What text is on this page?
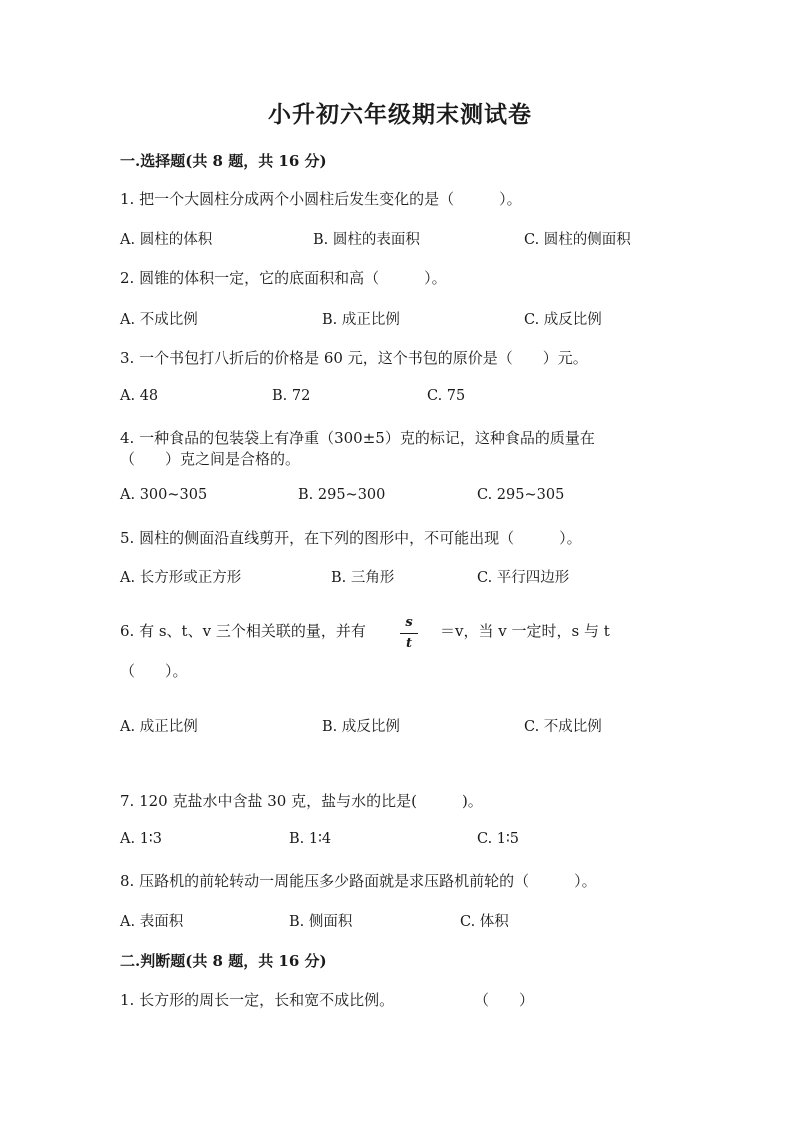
小升初六年级期末测试卷
一.选择题(共 8 题，共 16 分)
1. 把一个大圆柱分成两个小圆柱后发生变化的是（　　　）。
A. 圆柱的体积	B. 圆柱的表面积	C. 圆柱的侧面积
2. 圆锥的体积一定，它的底面积和高（　　　）。
A. 不成比例	B. 成正比例	C. 成反比例
3. 一个书包打八折后的价格是 60 元，这个书包的原价是（　　）元。
A. 48	B. 72	C. 75
4. 一种食品的包装袋上有净重（300±5）克的标记，这种食品的质量在
（　　）克之间是合格的。
A. 300~305	B. 295~300	C. 295~305
5. 圆柱的侧面沿直线剪开，在下列的图形中，不可能出现（　　　）。
A. 长方形或正方形	B. 三角形	C. 平行四边形
6. 有 s、t、v 三个相关联的量，并有	s
t
＝v，当 v 一定时，s 与 t
（　　）。
A. 成正比例	B. 成反比例	C. 不成比例
7. 120 克盐水中含盐 30 克，盐与水的比是(　　　)。
A. 1∶3	B. 1∶4	C. 1∶5
8. 压路机的前轮转动一周能压多少路面就是求压路机前轮的（　　　）。
A. 表面积	B. 侧面积	C. 体积
二.判断题(共 8 题，共 16 分)
1. 长方形的周长一定，长和宽不成比例。	（　　）
